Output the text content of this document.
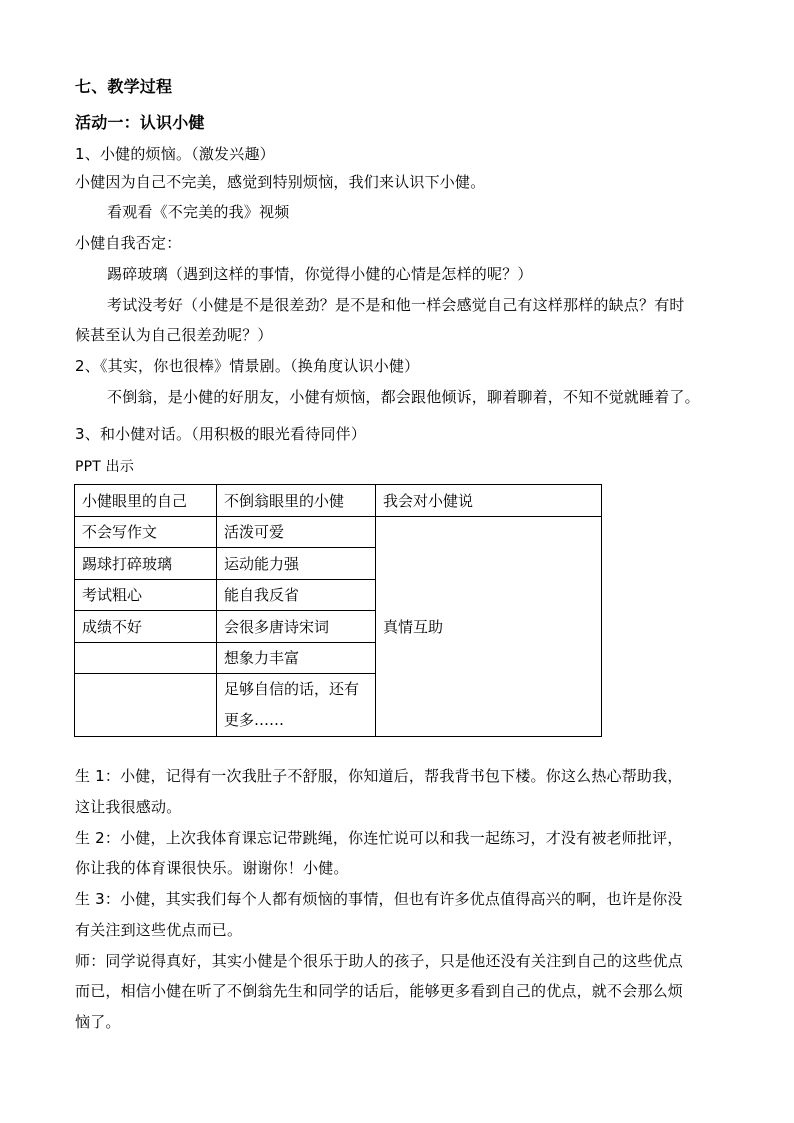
七、教学过程
活动一：认识小健
1、小健的烦恼。（激发兴趣）
小健因为自己不完美，感觉到特别烦恼，我们来认识下小健。
看观看《不完美的我》视频
小健自我否定：
踢碎玻璃（遇到这样的事情，你觉得小健的心情是怎样的呢？）
考试没考好（小健是不是很差劲？是不是和他一样会感觉自己有这样那样的缺点？有时
候甚至认为自己很差劲呢？）
2、《其实，你也很棒》情景剧。（换角度认识小健）
不倒翁，是小健的好朋友，小健有烦恼，都会跟他倾诉，聊着聊着，不知不觉就睡着了。
3、和小健对话。（用积极的眼光看待同伴）
PPT 出示
小健眼里的自己	不倒翁眼里的小健	我会对小健说
不会写作文	活泼可爱	真情互助
踢球打碎玻璃	运动能力强	
考试粗心	能自我反省	
成绩不好	会很多唐诗宋词	
	想象力丰富	

	足够自信的话，还有
更多……	
生 1：小健，记得有一次我肚子不舒服，你知道后，帮我背书包下楼。你这么热心帮助我，
这让我很感动。
生 2：小健，上次我体育课忘记带跳绳，你连忙说可以和我一起练习，才没有被老师批评，
你让我的体育课很快乐。谢谢你！小健。
生 3：小健，其实我们每个人都有烦恼的事情，但也有许多优点值得高兴的啊，也许是你没
有关注到这些优点而已。
师：同学说得真好，其实小健是个很乐于助人的孩子，只是他还没有关注到自己的这些优点
而已，相信小健在听了不倒翁先生和同学的话后，能够更多看到自己的优点，就不会那么烦
恼了。
